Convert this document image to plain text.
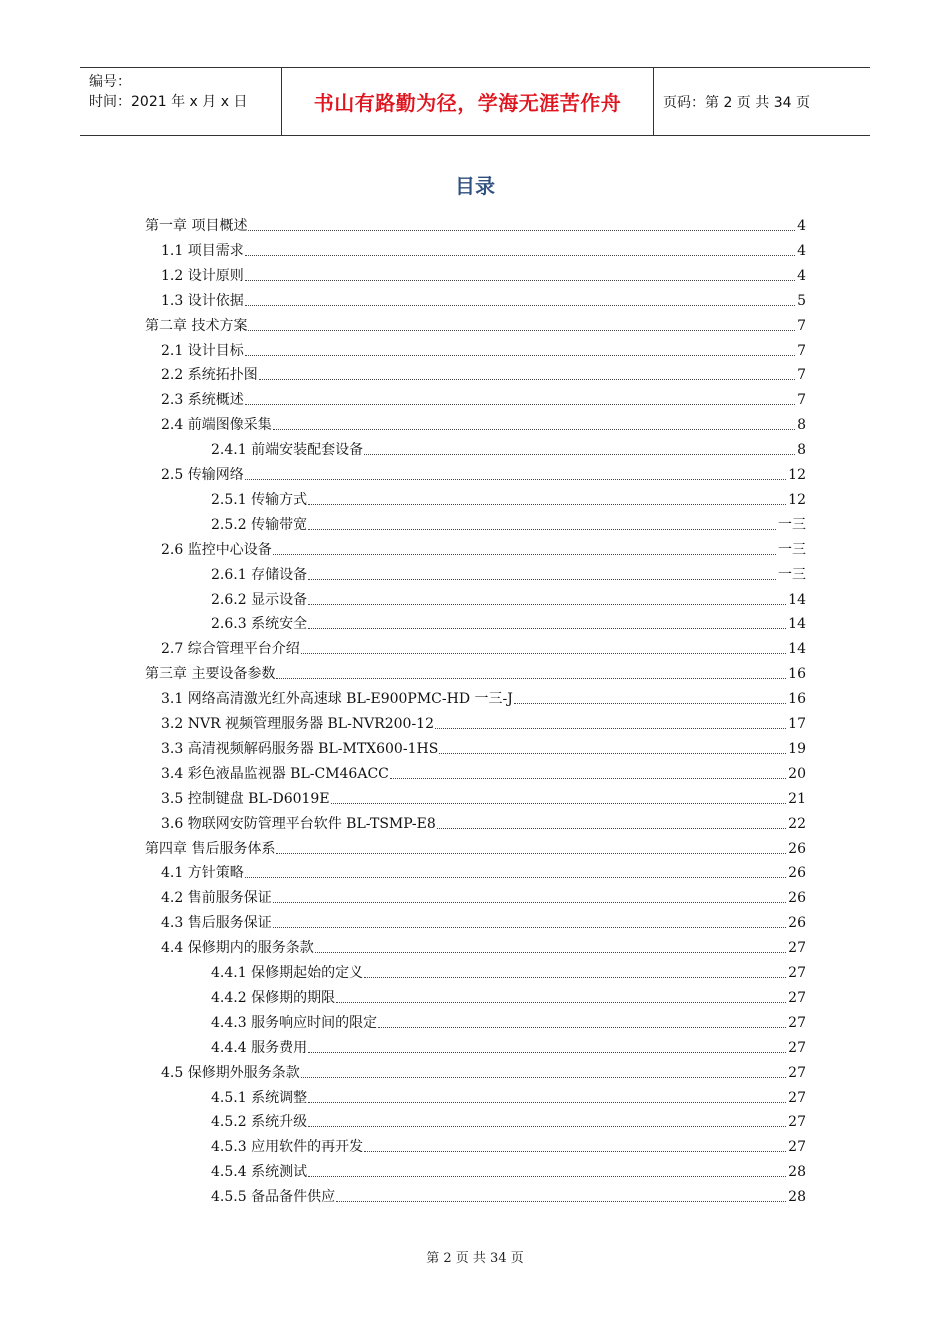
编号：
时间：2021 年 x 月 x 日	书山有路勤为径，学海无涯苦作舟	页码：第 2 页 共 34 页
目录
第一章 项目概述	4
1.1 项目需求	4
1.2 设计原则	4
1.3 设计依据	5
第二章 技术方案	7
2.1 设计目标	7
2.2 系统拓扑图	7
2.3 系统概述	7
2.4 前端图像采集	8
2.4.1 前端安装配套设备	8
2.5 传输网络	12
2.5.1 传输方式	12
2.5.2 传输带宽	一三
2.6 监控中心设备	一三
2.6.1 存储设备	一三
2.6.2 显示设备	14
2.6.3 系统安全	14
2.7 综合管理平台介绍	14
第三章 主要设备参数	16
3.1 网络高清激光红外高速球 BL-E900PMC-HD 一三-J	16
3.2 NVR 视频管理服务器 BL-NVR200-12	17
3.3 高清视频解码服务器 BL-MTX600-1HS	19
3.4 彩色液晶监视器 BL-CM46ACC	20
3.5 控制键盘 BL-D6019E	21
3.6 物联网安防管理平台软件 BL-TSMP-E8	22
第四章 售后服务体系	26
4.1 方针策略	26
4.2 售前服务保证	26
4.3 售后服务保证	26
4.4 保修期内的服务条款	27
4.4.1 保修期起始的定义	27
4.4.2 保修期的期限	27
4.4.3 服务响应时间的限定	27
4.4.4 服务费用	27
4.5 保修期外服务条款	27
4.5.1 系统调整	27
4.5.2 系统升级	27
4.5.3 应用软件的再开发	27
4.5.4 系统测试	28
4.5.5 备品备件供应	28
第 2 页 共 34 页
